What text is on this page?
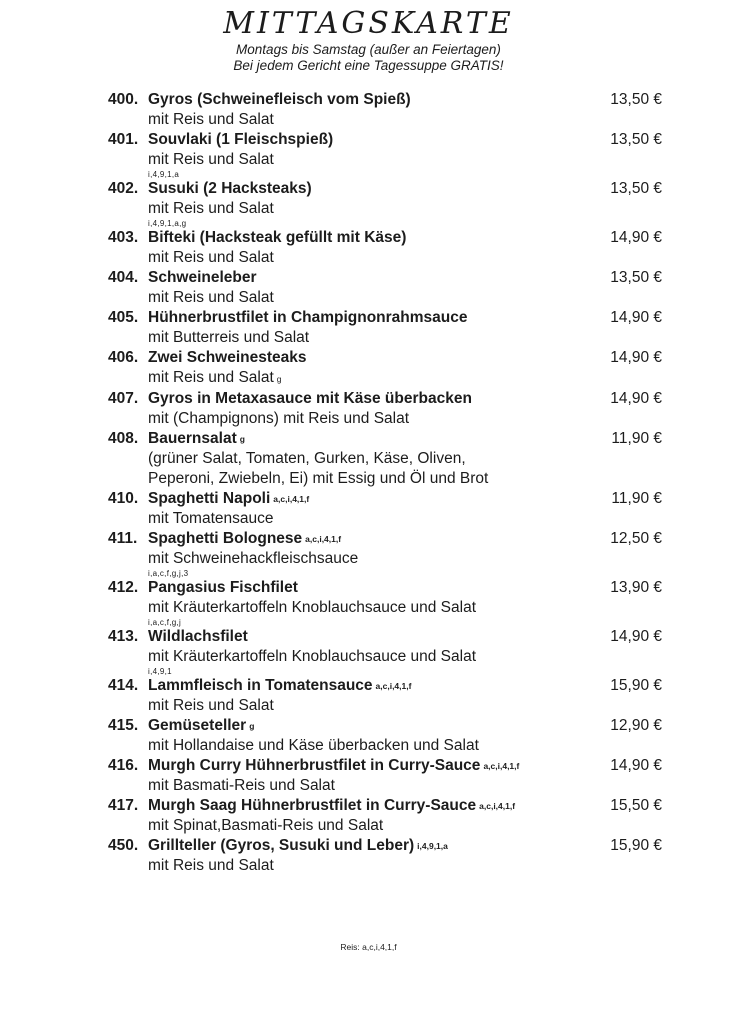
MITTAGSKARTE
Montags bis Samstag (außer an Feiertagen)
Bei jedem Gericht eine Tagessuppe GRATIS!
400. Gyros (Schweinefleisch vom Spieß)	13,50 €
mit Reis und Salat
401. Souvlaki (1 Fleischspieß)	13,50 €
mit Reis und Salat
i,4,9,1,a
402. Susuki (2 Hacksteaks)	13,50 €
mit Reis und Salat
i,4,9,1,a,g
403. Bifteki (Hacksteak gefüllt mit Käse)	14,90 €
mit Reis und Salat
404. Schweineleber	13,50 €
mit Reis und Salat
405. Hühnerbrustfilet in Champignonrahmsauce	14,90 €
mit Butterreis und Salat
406. Zwei Schweinesteaks	14,90 €
mit Reis und Salat g
407. Gyros in Metaxasauce mit Käse überbacken	14,90 €
mit (Champignons) mit Reis und Salat
408. Bauernsalat g	11,90 €
(grüner Salat, Tomaten, Gurken, Käse, Oliven,
Peperoni, Zwiebeln, Ei) mit Essig und Öl und Brot
410. Spaghetti Napoli a,c,i,4,1,f	11,90 €
mit Tomatensauce
411. Spaghetti Bolognese a,c,i,4,1,f	12,50 €
mit Schweinehackfleischsauce
i,a,c,f,g,j,3
412. Pangasius Fischfilet	13,90 €
mit Kräuterkartoffeln Knoblauchsauce und Salat
i,a,c,f,g,j
413. Wildlachsfilet	14,90 €
mit Kräuterkartoffeln Knoblauchsauce und Salat
i,4,9,1
414. Lammfleisch in Tomatensauce a,c,i,4,1,f	15,90 €
mit Reis und Salat
415. Gemüseteller g	12,90 €
mit Hollandaise und Käse überbacken und Salat
416. Murgh Curry Hühnerbrustfilet in Curry-Sauce a,c,i,4,1,f	14,90 €
mit Basmati-Reis und Salat
417. Murgh Saag Hühnerbrustfilet in Curry-Sauce a,c,i,4,1,f	15,50 €
mit Spinat,Basmati-Reis und Salat
450. Grillteller (Gyros, Susuki und Leber) i,4,9,1,a	15,90 €
mit Reis und Salat
Reis: a,c,i,4,1,f
